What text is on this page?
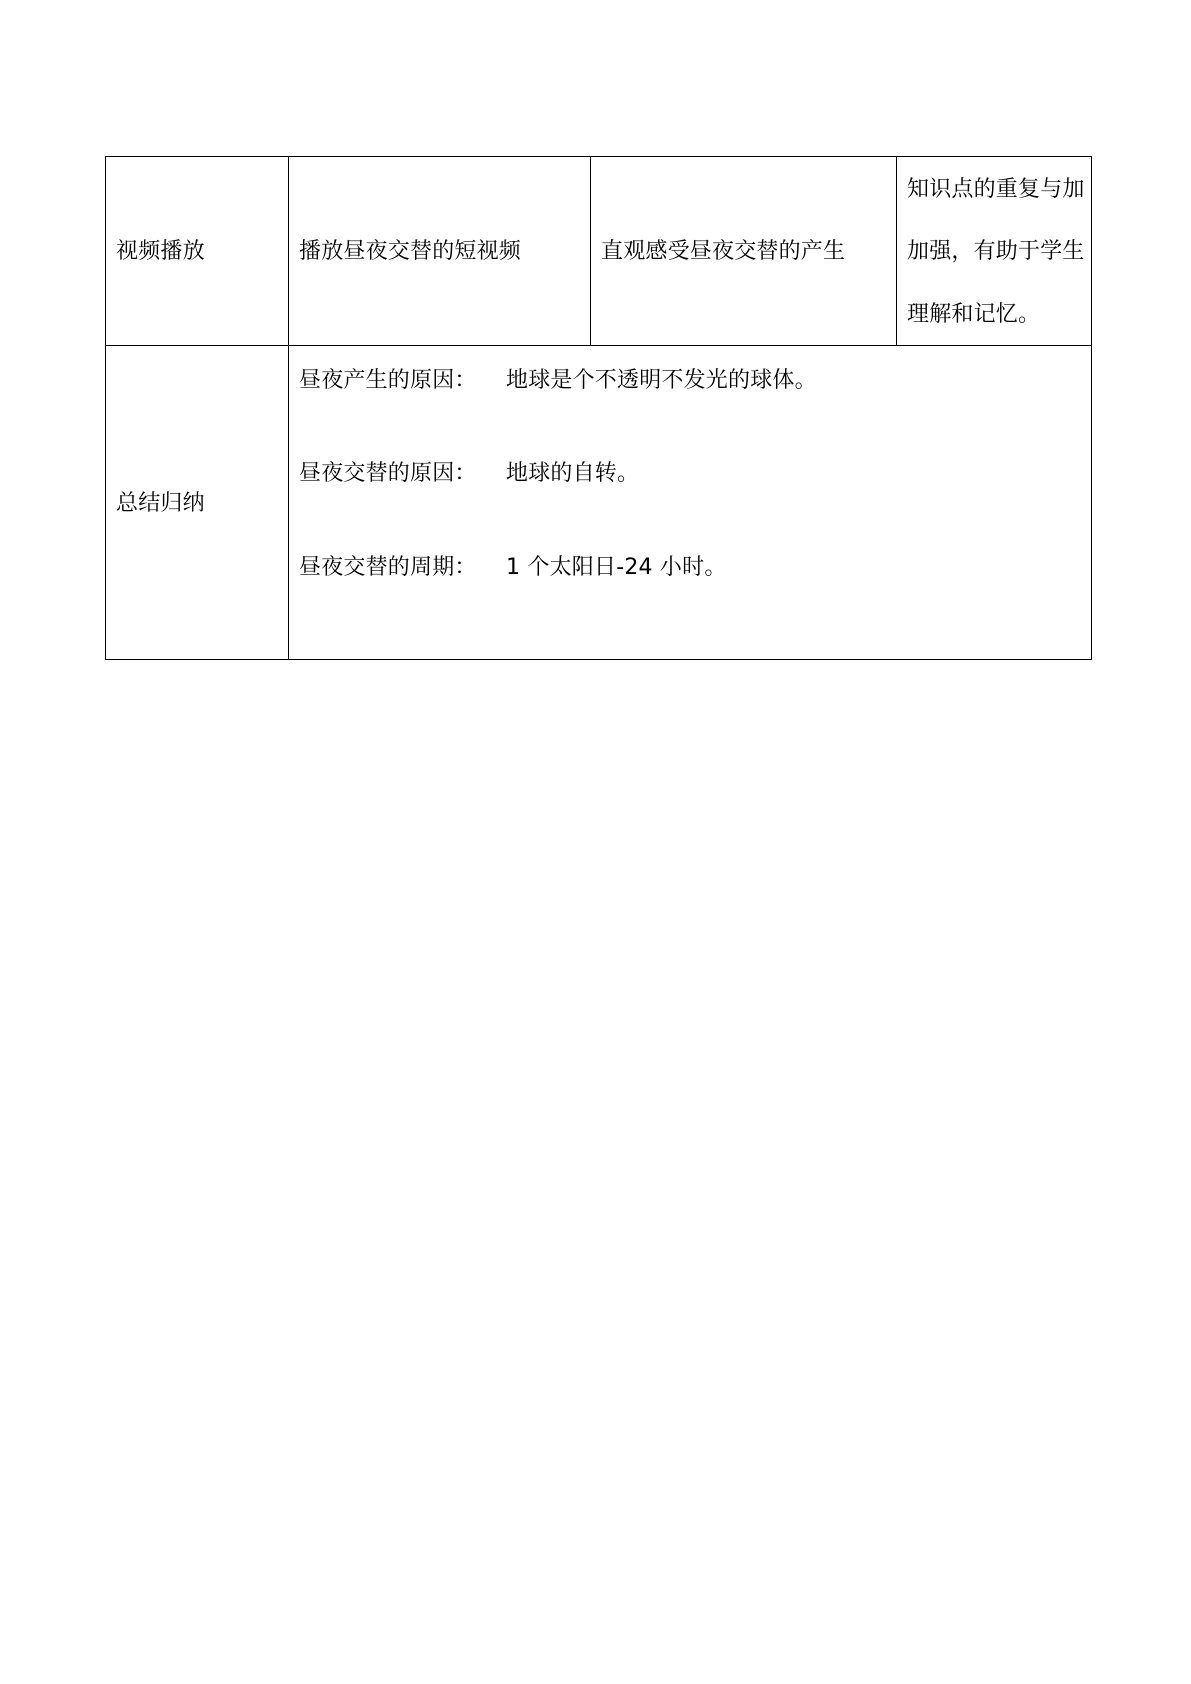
视频播放	播放昼夜交替的短视频	直观感受昼夜交替的产生
知识点的重复与加
加强，有助于学生
理解和记忆。
总结归纳
昼夜产生的原因： 地球是个不透明不发光的球体。
昼夜交替的原因： 地球的自转。
昼夜交替的周期： 1 个太阳日-24 小时。
